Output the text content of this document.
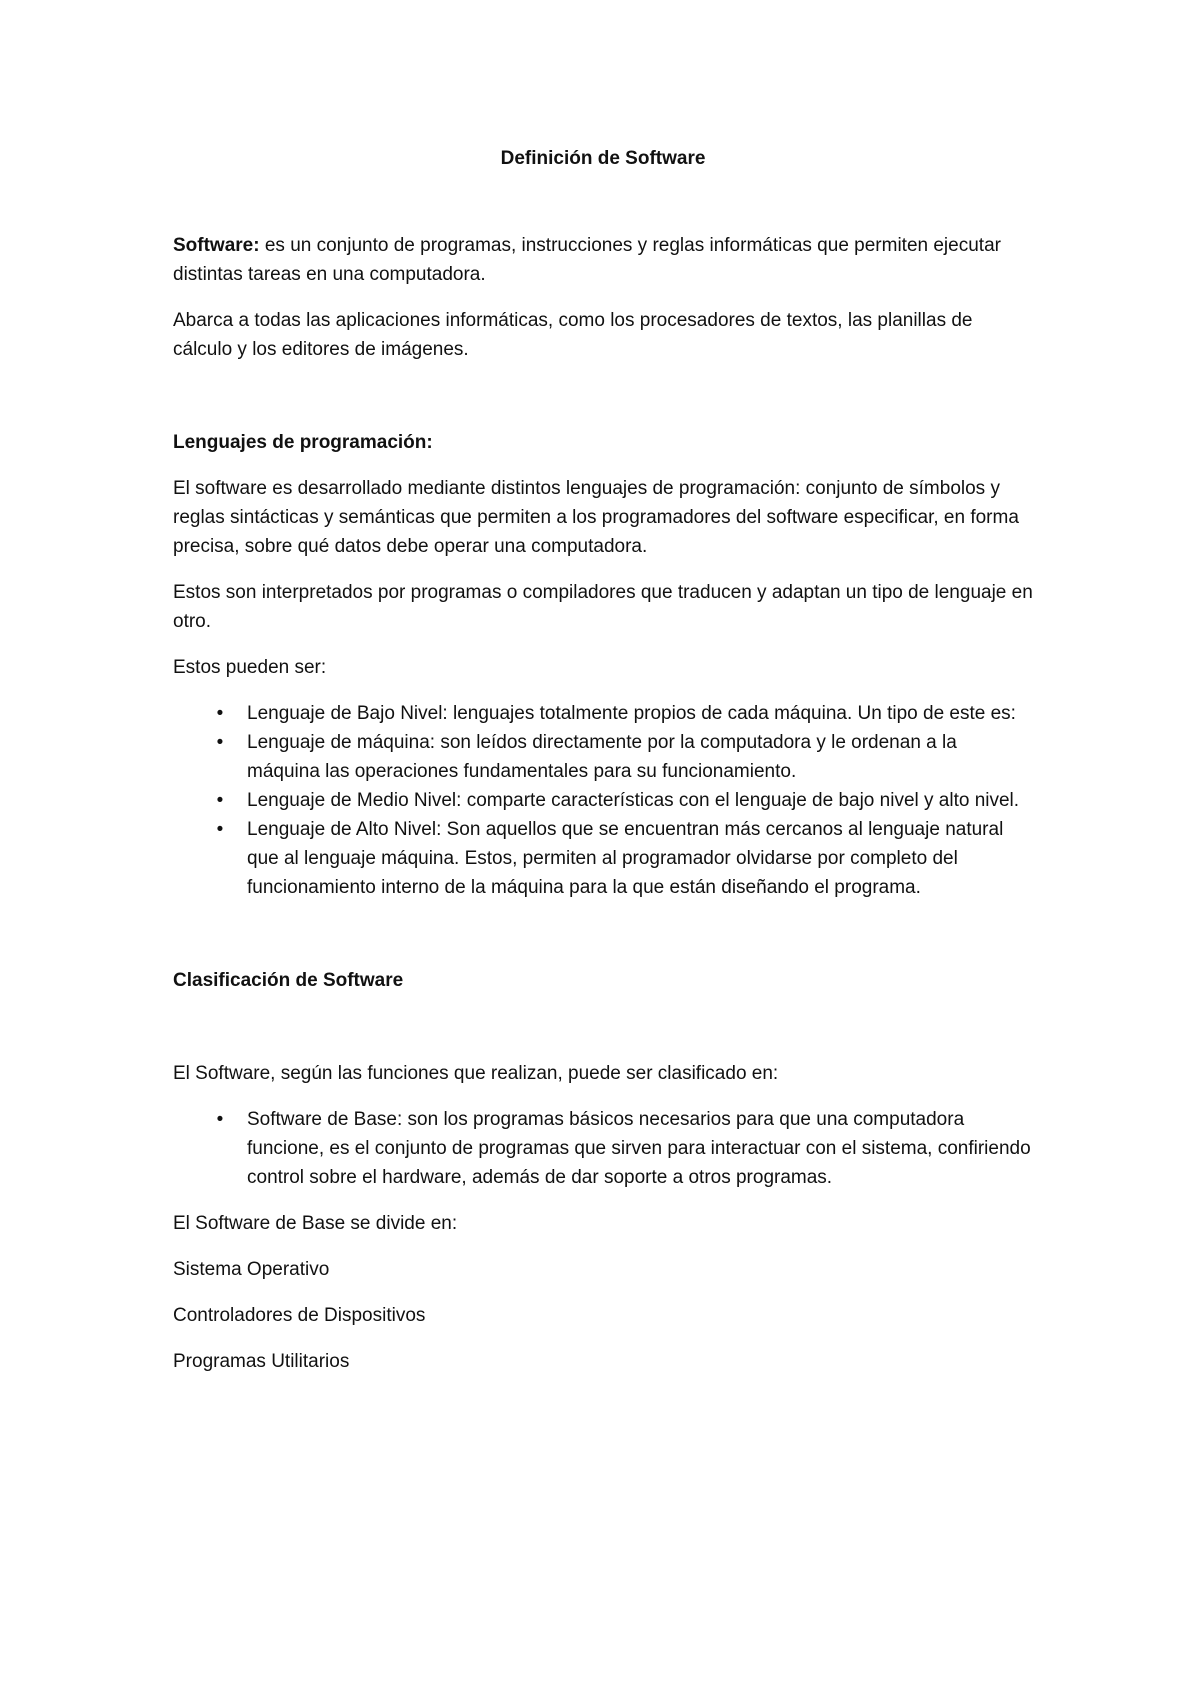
Definición de Software

Software: es un conjunto de programas, instrucciones y reglas informáticas que permiten ejecutar distintas tareas en una computadora.

Abarca a todas las aplicaciones informáticas, como los procesadores de textos, las planillas de cálculo y los editores de imágenes.

Lenguajes de programación:

El software es desarrollado mediante distintos lenguajes de programación: conjunto de símbolos y reglas sintácticas y semánticas que permiten a los programadores del software especificar, en forma precisa, sobre qué datos debe operar una computadora.

Estos son interpretados por programas o compiladores que traducen y adaptan un tipo de lenguaje en otro.

Estos pueden ser:

• Lenguaje de Bajo Nivel: lenguajes totalmente propios de cada máquina. Un tipo de este es:
• Lenguaje de máquina: son leídos directamente por la computadora y le ordenan a la máquina las operaciones fundamentales para su funcionamiento.
• Lenguaje de Medio Nivel: comparte características con el lenguaje de bajo nivel y alto nivel.
• Lenguaje de Alto Nivel: Son aquellos que se encuentran más cercanos al lenguaje natural que al lenguaje máquina. Estos, permiten al programador olvidarse por completo del funcionamiento interno de la máquina para la que están diseñando el programa.

Clasificación de Software

El Software, según las funciones que realizan, puede ser clasificado en:

• Software de Base: son los programas básicos necesarios para que una computadora funcione, es el conjunto de programas que sirven para interactuar con el sistema, confiriendo control sobre el hardware, además de dar soporte a otros programas.

El Software de Base se divide en:

Sistema Operativo

Controladores de Dispositivos

Programas Utilitarios
